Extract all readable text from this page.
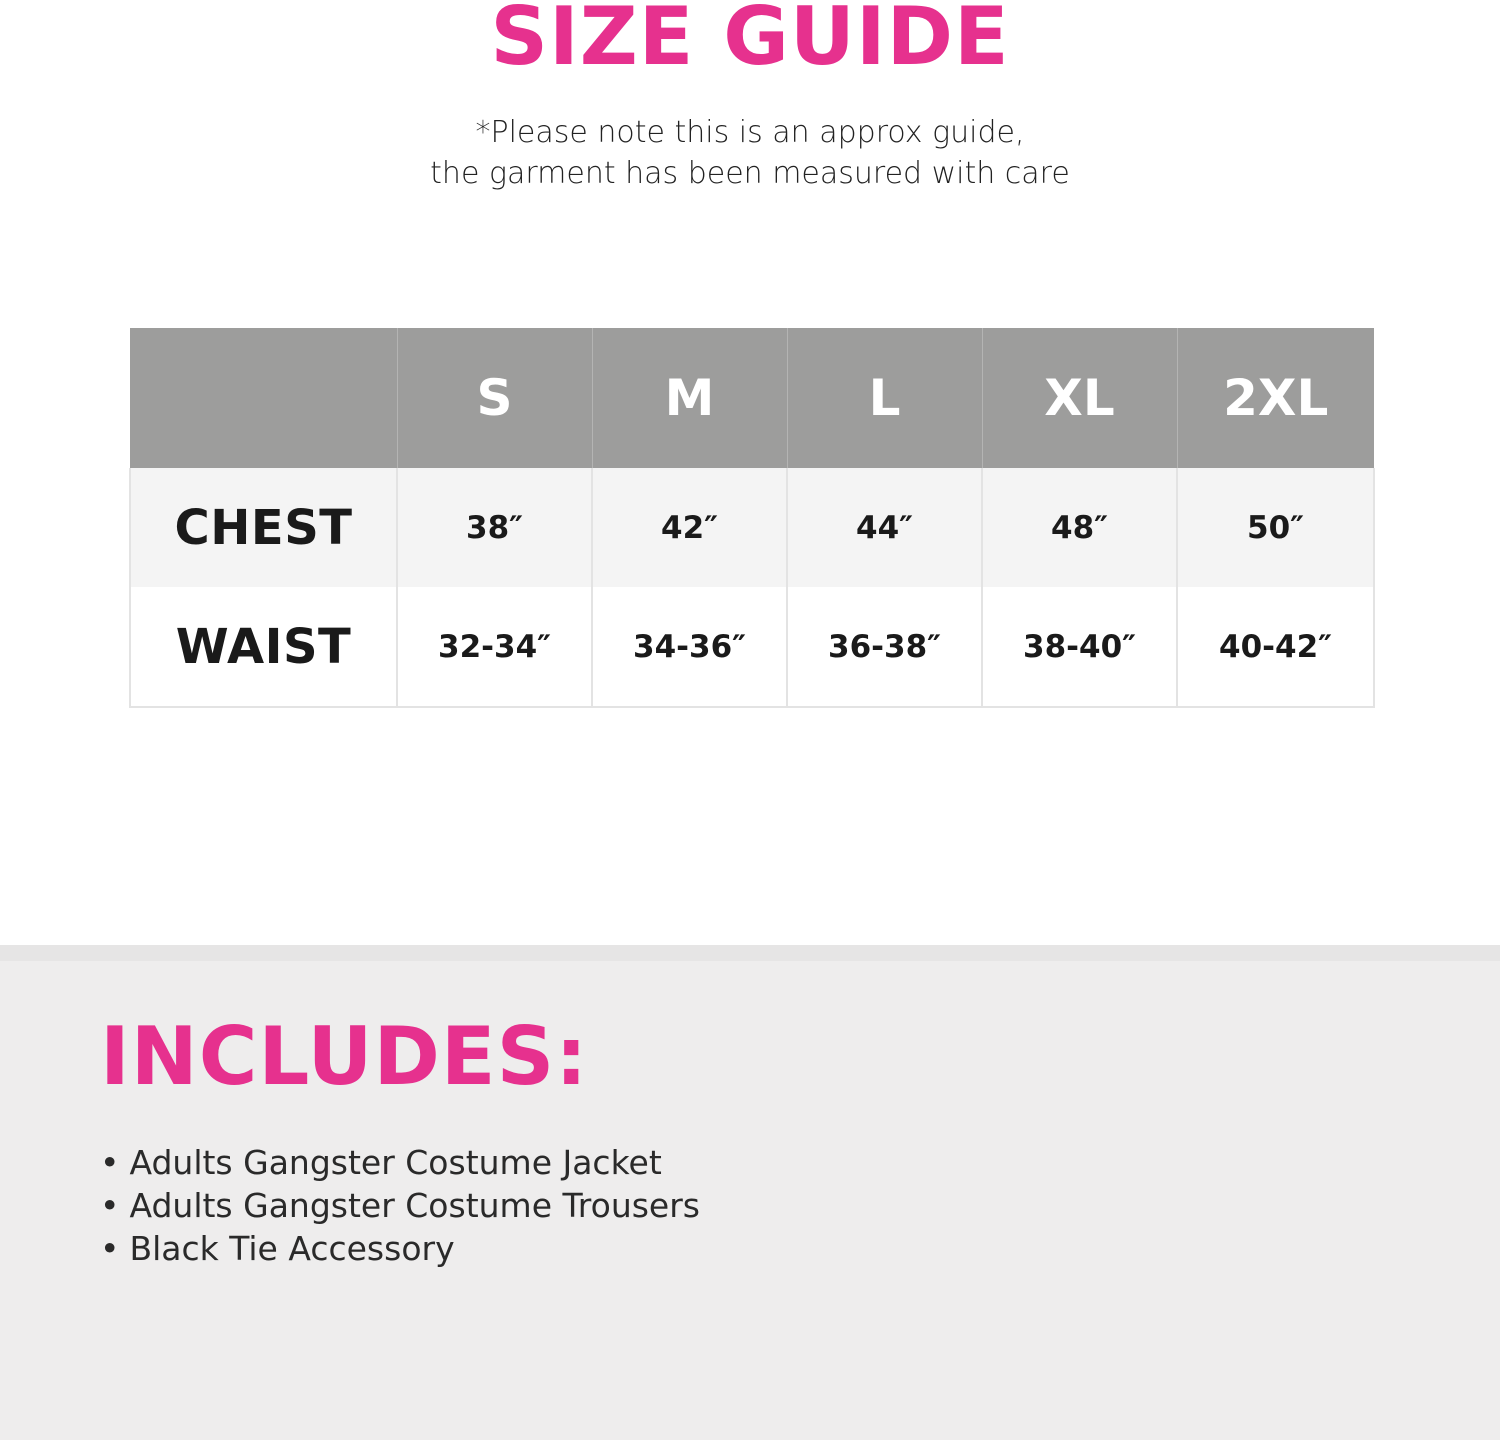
SIZE GUIDE
*Please note this is an approx guide,
the garment has been measured with care
	S	M	L	XL	2XL
CHEST	38″	42″	44″	48″	50″
WAIST	32-34″	34-36″	36-38″	38-40″	40-42″
INCLUDES:
• Adults Gangster Costume Jacket
• Adults Gangster Costume Trousers
• Black Tie Accessory
